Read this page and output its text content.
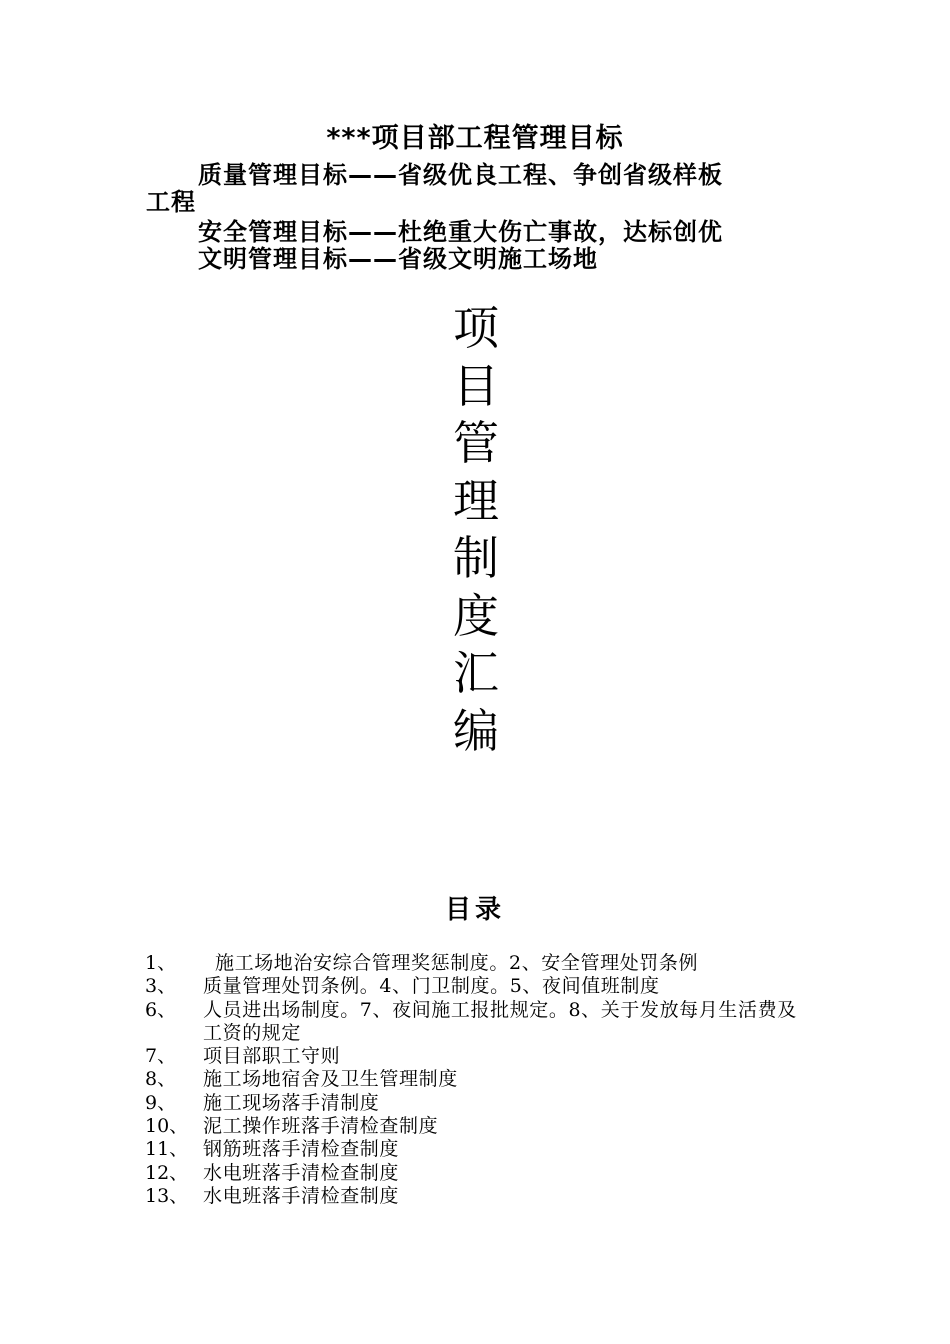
***项目部工程管理目标
质量管理目标——省级优良工程、争创省级样板
工程
安全管理目标——杜绝重大伤亡事故，达标创优
文明管理目标——省级文明施工场地
项
目
管
理
制
度
汇
编
目录
1、	施工场地治安综合管理奖惩制度。2、安全管理处罚条例
3、	质量管理处罚条例。4、门卫制度。5、夜间值班制度
6、	人员进出场制度。7、夜间施工报批规定。8、关于发放每月生活费及工资的规定
7、	项目部职工守则
8、	施工场地宿舍及卫生管理制度
9、	施工现场落手清制度
10、 泥工操作班落手清检查制度
11、 钢筋班落手清检查制度
12、 水电班落手清检查制度
13、 水电班落手清检查制度
